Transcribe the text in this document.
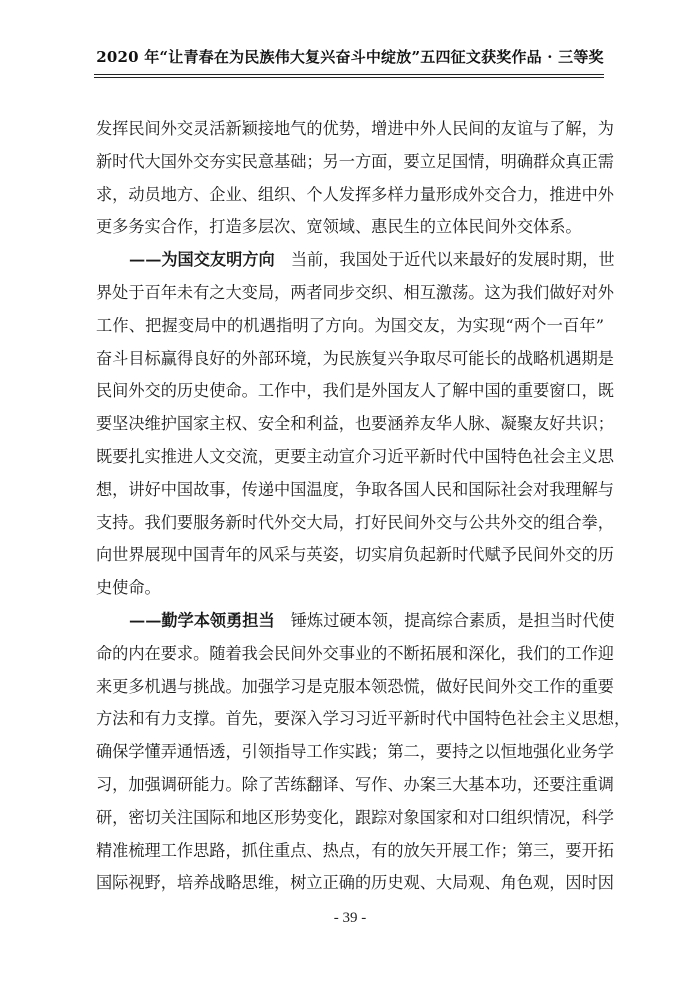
2020 年“让青春在为民族伟大复兴奋斗中绽放”五四征文获奖作品 · 三等奖
发挥民间外交灵活新颖接地气的优势，增进中外人民间的友谊与了解，为
新时代大国外交夯实民意基础；另一方面，要立足国情，明确群众真正需
求，动员地方、企业、组织、个人发挥多样力量形成外交合力，推进中外
更多务实合作，打造多层次、宽领域、惠民生的立体民间外交体系。
——为国交友明方向　当前，我国处于近代以来最好的发展时期，世
界处于百年未有之大变局，两者同步交织、相互激荡。这为我们做好对外
工作、把握变局中的机遇指明了方向。为国交友，为实现“两个一百年”
奋斗目标赢得良好的外部环境，为民族复兴争取尽可能长的战略机遇期是
民间外交的历史使命。工作中，我们是外国友人了解中国的重要窗口，既
要坚决维护国家主权、安全和利益，也要涵养友华人脉、凝聚友好共识；
既要扎实推进人文交流，更要主动宣介习近平新时代中国特色社会主义思
想，讲好中国故事，传递中国温度，争取各国人民和国际社会对我理解与
支持。我们要服务新时代外交大局，打好民间外交与公共外交的组合拳，
向世界展现中国青年的风采与英姿，切实肩负起新时代赋予民间外交的历
史使命。
——勤学本领勇担当　锤炼过硬本领，提高综合素质，是担当时代使
命的内在要求。随着我会民间外交事业的不断拓展和深化，我们的工作迎
来更多机遇与挑战。加强学习是克服本领恐慌，做好民间外交工作的重要
方法和有力支撑。首先，要深入学习习近平新时代中国特色社会主义思想，
确保学懂弄通悟透，引领指导工作实践；第二，要持之以恒地强化业务学
习，加强调研能力。除了苦练翻译、写作、办案三大基本功，还要注重调
研，密切关注国际和地区形势变化，跟踪对象国家和对口组织情况，科学
精准梳理工作思路，抓住重点、热点，有的放矢开展工作；第三，要开拓
国际视野，培养战略思维，树立正确的历史观、大局观、角色观，因时因
- 39 -
